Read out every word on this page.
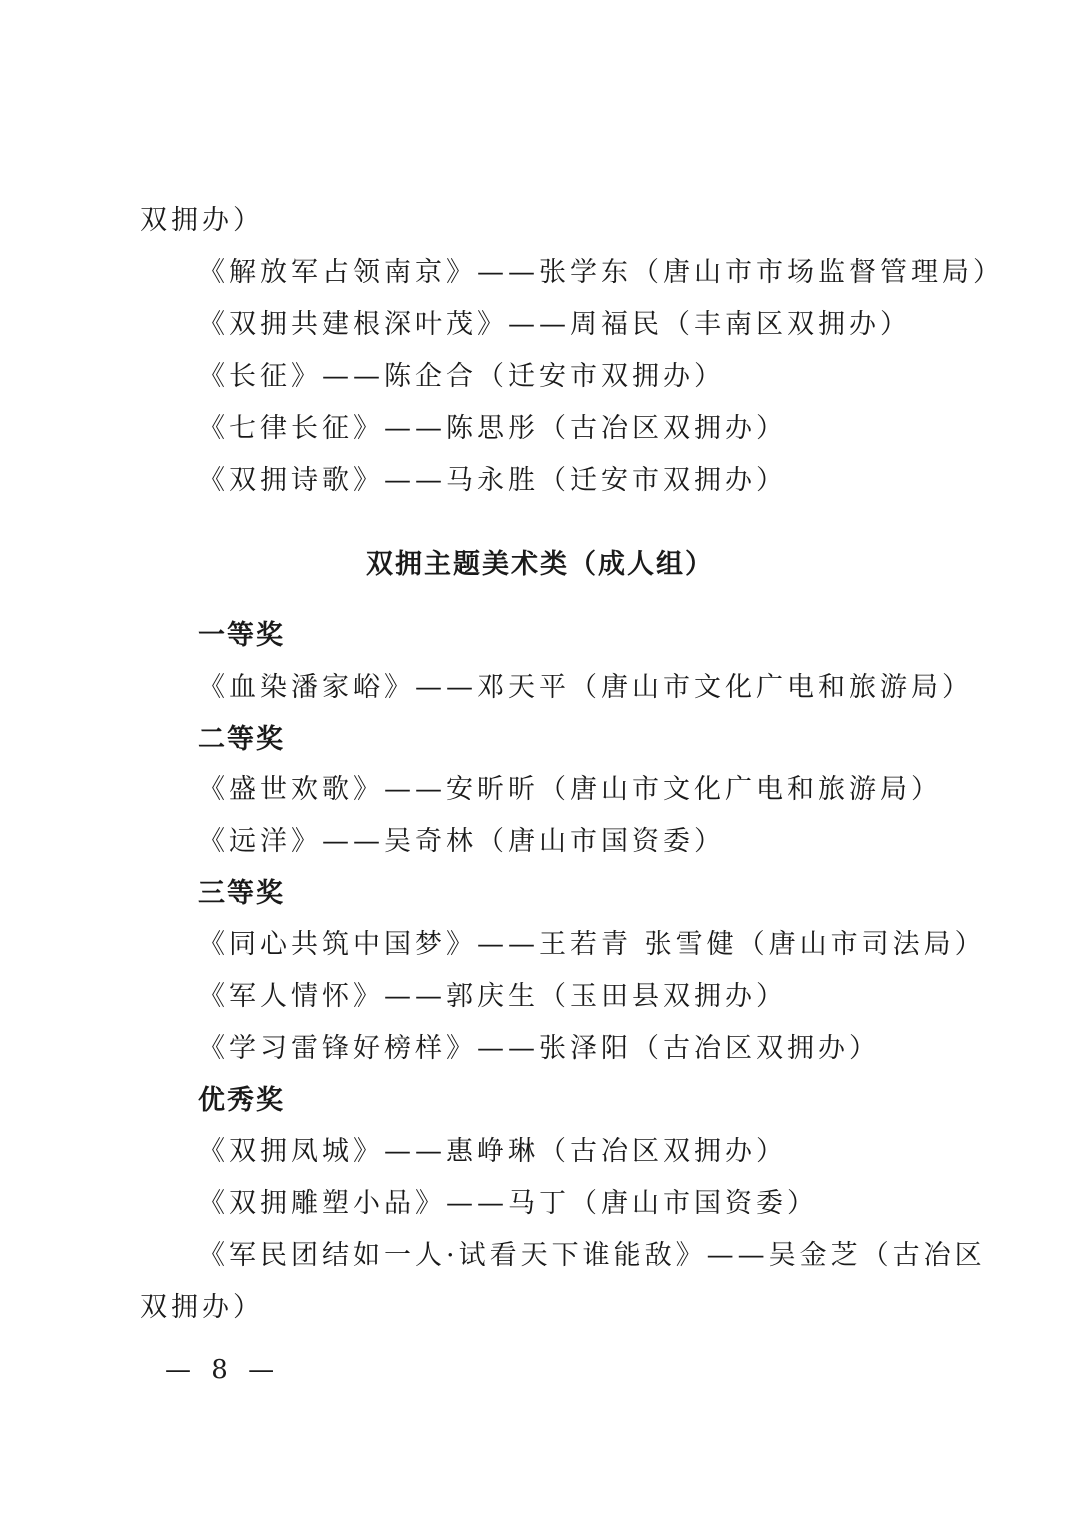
双拥办）
《解放军占领南京》——张学东（唐山市市场监督管理局）
《双拥共建根深叶茂》——周福民（丰南区双拥办）
《长征》——陈企合（迁安市双拥办）
《七律长征》——陈思彤（古冶区双拥办）
《双拥诗歌》——马永胜（迁安市双拥办）
双拥主题美术类（成人组）
一等奖
《血染潘家峪》——邓天平（唐山市文化广电和旅游局）
二等奖
《盛世欢歌》——安昕昕（唐山市文化广电和旅游局）
《远洋》——吴奇林（唐山市国资委）
三等奖
《同心共筑中国梦》——王若青 张雪健（唐山市司法局）
《军人情怀》——郭庆生（玉田县双拥办）
《学习雷锋好榜样》——张泽阳（古冶区双拥办）
优秀奖
《双拥凤城》——惠峥琳（古冶区双拥办）
《双拥雕塑小品》——马丁（唐山市国资委）
《军民团结如一人·试看天下谁能敌》——吴金芝（古冶区
双拥办）
— 8 —
